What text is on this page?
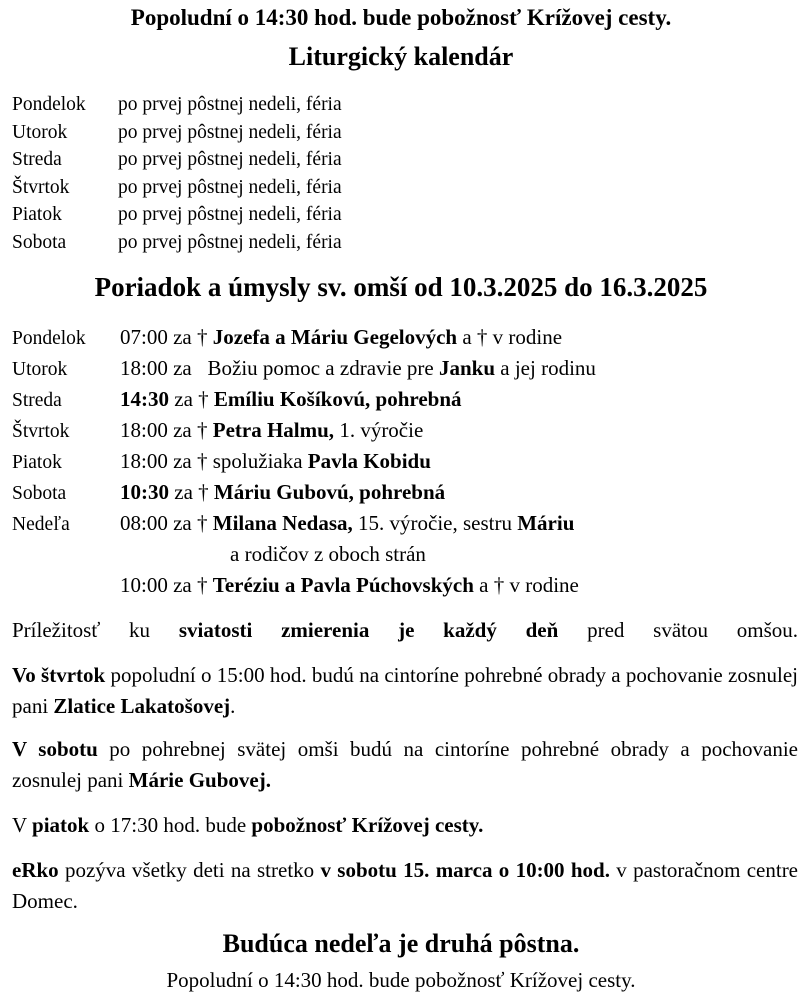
Popoludní o 14:30 hod. bude pobožnosť Krížovej cesty.
Liturgický kalendár
Pondelok po prvej pôstnej nedeli, féria
Utorok	po prvej pôstnej nedeli, féria
Streda	po prvej pôstnej nedeli, féria
Štvrtok po prvej pôstnej nedeli, féria
Piatok	po prvej pôstnej nedeli, féria
Sobota	po prvej pôstnej nedeli, féria
Poriadok a úmysly sv. omší od 10.3.2025 do 16.3.2025
Pondelok 07:00 za † Jozefa a Máriu Gegelových a † v rodine
Utorok	18:00 za   Božiu pomoc a zdravie pre Janku a jej rodinu
Streda	14:30 za † Emíliu Košíkovú, pohrebná
Štvrtok 18:00 za † Petra Halmu, 1. výročie
Piatok	18:00 za † spolužiaka Pavla Kobidu
Sobota	10:30 za † Máriu Gubovú, pohrebná
Nedeľa 08:00 za † Milana Nedasa, 15. výročie, sestru Máriu
a rodičov z oboch strán
10:00 za † Teréziu a Pavla Púchovských a † v rodine
Príležitosť ku sviatosti zmierenia je každý deň pred svätou omšou.
Vo štvrtok popoludní o 15:00 hod. budú na cintoríne pohrebné obrady a pochovanie zosnulej pani Zlatice Lakatošovej.
V sobotu po pohrebnej svätej omši budú na cintoríne pohrebné obrady a pochovanie zosnulej pani Márie Gubovej.
V piatok o 17:30 hod. bude pobožnosť Krížovej cesty.
eRko pozýva všetky deti na stretko v sobotu 15. marca o 10:00 hod. v pastoračnom centre Domec.
Budúca nedeľa je druhá pôstna.
Popoludní o 14:30 hod. bude pobožnosť Krížovej cesty.
